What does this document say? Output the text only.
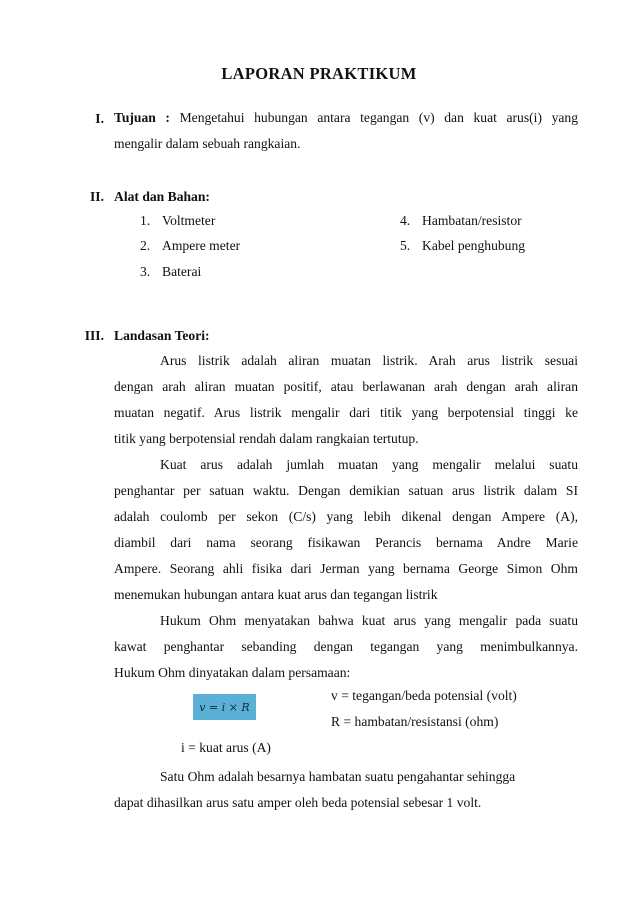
LAPORAN PRAKTIKUM
I. Tujuan : Mengetahui hubungan antara tegangan (v) dan kuat arus(i) yang
mengalir dalam sebuah rangkaian.
II. Alat dan Bahan:
1. Voltmeter
2. Ampere meter
3. Baterai
4. Hambatan/resistor
5. Kabel penghubung
III. Landasan Teori:
Arus listrik adalah aliran muatan listrik. Arah arus listrik sesuai
dengan arah aliran muatan positif, atau berlawanan arah dengan arah aliran
muatan negatif. Arus listrik mengalir dari titik yang berpotensial tinggi ke
titik yang berpotensial rendah dalam rangkaian tertutup.
Kuat arus adalah jumlah muatan yang mengalir melalui suatu
penghantar per satuan waktu. Dengan demikian satuan arus listrik dalam SI
adalah coulomb per sekon (C/s) yang lebih dikenal dengan Ampere (A),
diambil dari nama seorang fisikawan Perancis bernama Andre Marie
Ampere. Seorang ahli fisika dari Jerman yang bernama George Simon Ohm
menemukan hubungan antara kuat arus dan tegangan listrik
Hukum Ohm menyatakan bahwa kuat arus yang mengalir pada suatu
kawat penghantar sebanding dengan tegangan yang menimbulkannya.
Hukum Ohm dinyatakan dalam persamaan:
v = i × R
v = tegangan/beda potensial (volt)
R = hambatan/resistansi (ohm)
i = kuat arus (A)
Satu Ohm adalah besarnya hambatan suatu pengahantar sehingga
dapat dihasilkan arus satu amper oleh beda potensial sebesar 1 volt.
